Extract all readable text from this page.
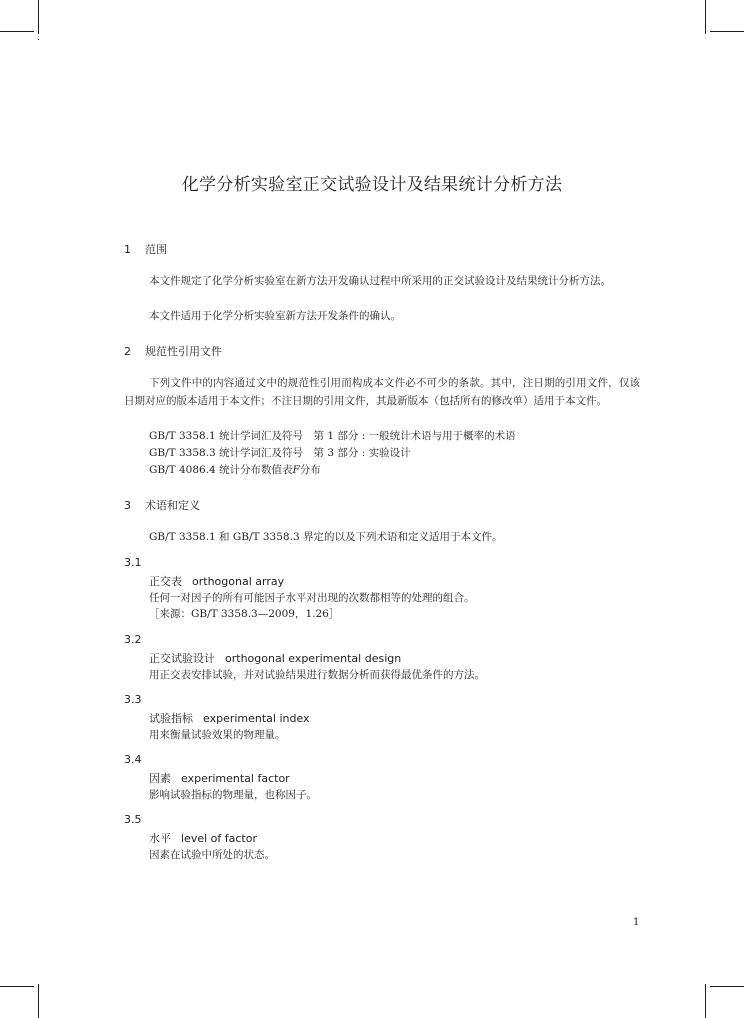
化学分析实验室正交试验设计及结果统计分析方法
1 范围
本文件规定了化学分析实验室在新方法开发确认过程中所采用的正交试验设计及结果统计分析方法。
本文件适用于化学分析实验室新方法开发条件的确认。
2 规范性引用文件
下列文件中的内容通过文中的规范性引用而构成本文件必不可少的条款。其中，注日期的引用文件，仅该日期对应的版本适用于本文件；不注日期的引用文件，其最新版本（包括所有的修改单）适用于本文件。
GB/T 3358.1 统计学词汇及符号　第 1 部分 : 一般统计术语与用于概率的术语
GB/T 3358.3 统计学词汇及符号　第 3 部分 : 实验设计
GB/T 4086.4 统计分布数值表F分布
3 术语和定义
GB/T 3358.1 和 GB/T 3358.3 界定的以及下列术语和定义适用于本文件。
3.1
正交表 orthogonal array
任何一对因子的所有可能因子水平对出现的次数都相等的处理的组合。
［来源：GB/T 3358.3—2009，1.26］
3.2
正交试验设计 orthogonal experimental design
用正交表安排试验，并对试验结果进行数据分析而获得最优条件的方法。
3.3
试验指标 experimental index
用来衡量试验效果的物理量。
3.4
因素 experimental factor
影响试验指标的物理量，也称因子。
3.5
水平 level of factor
因素在试验中所处的状态。
1
